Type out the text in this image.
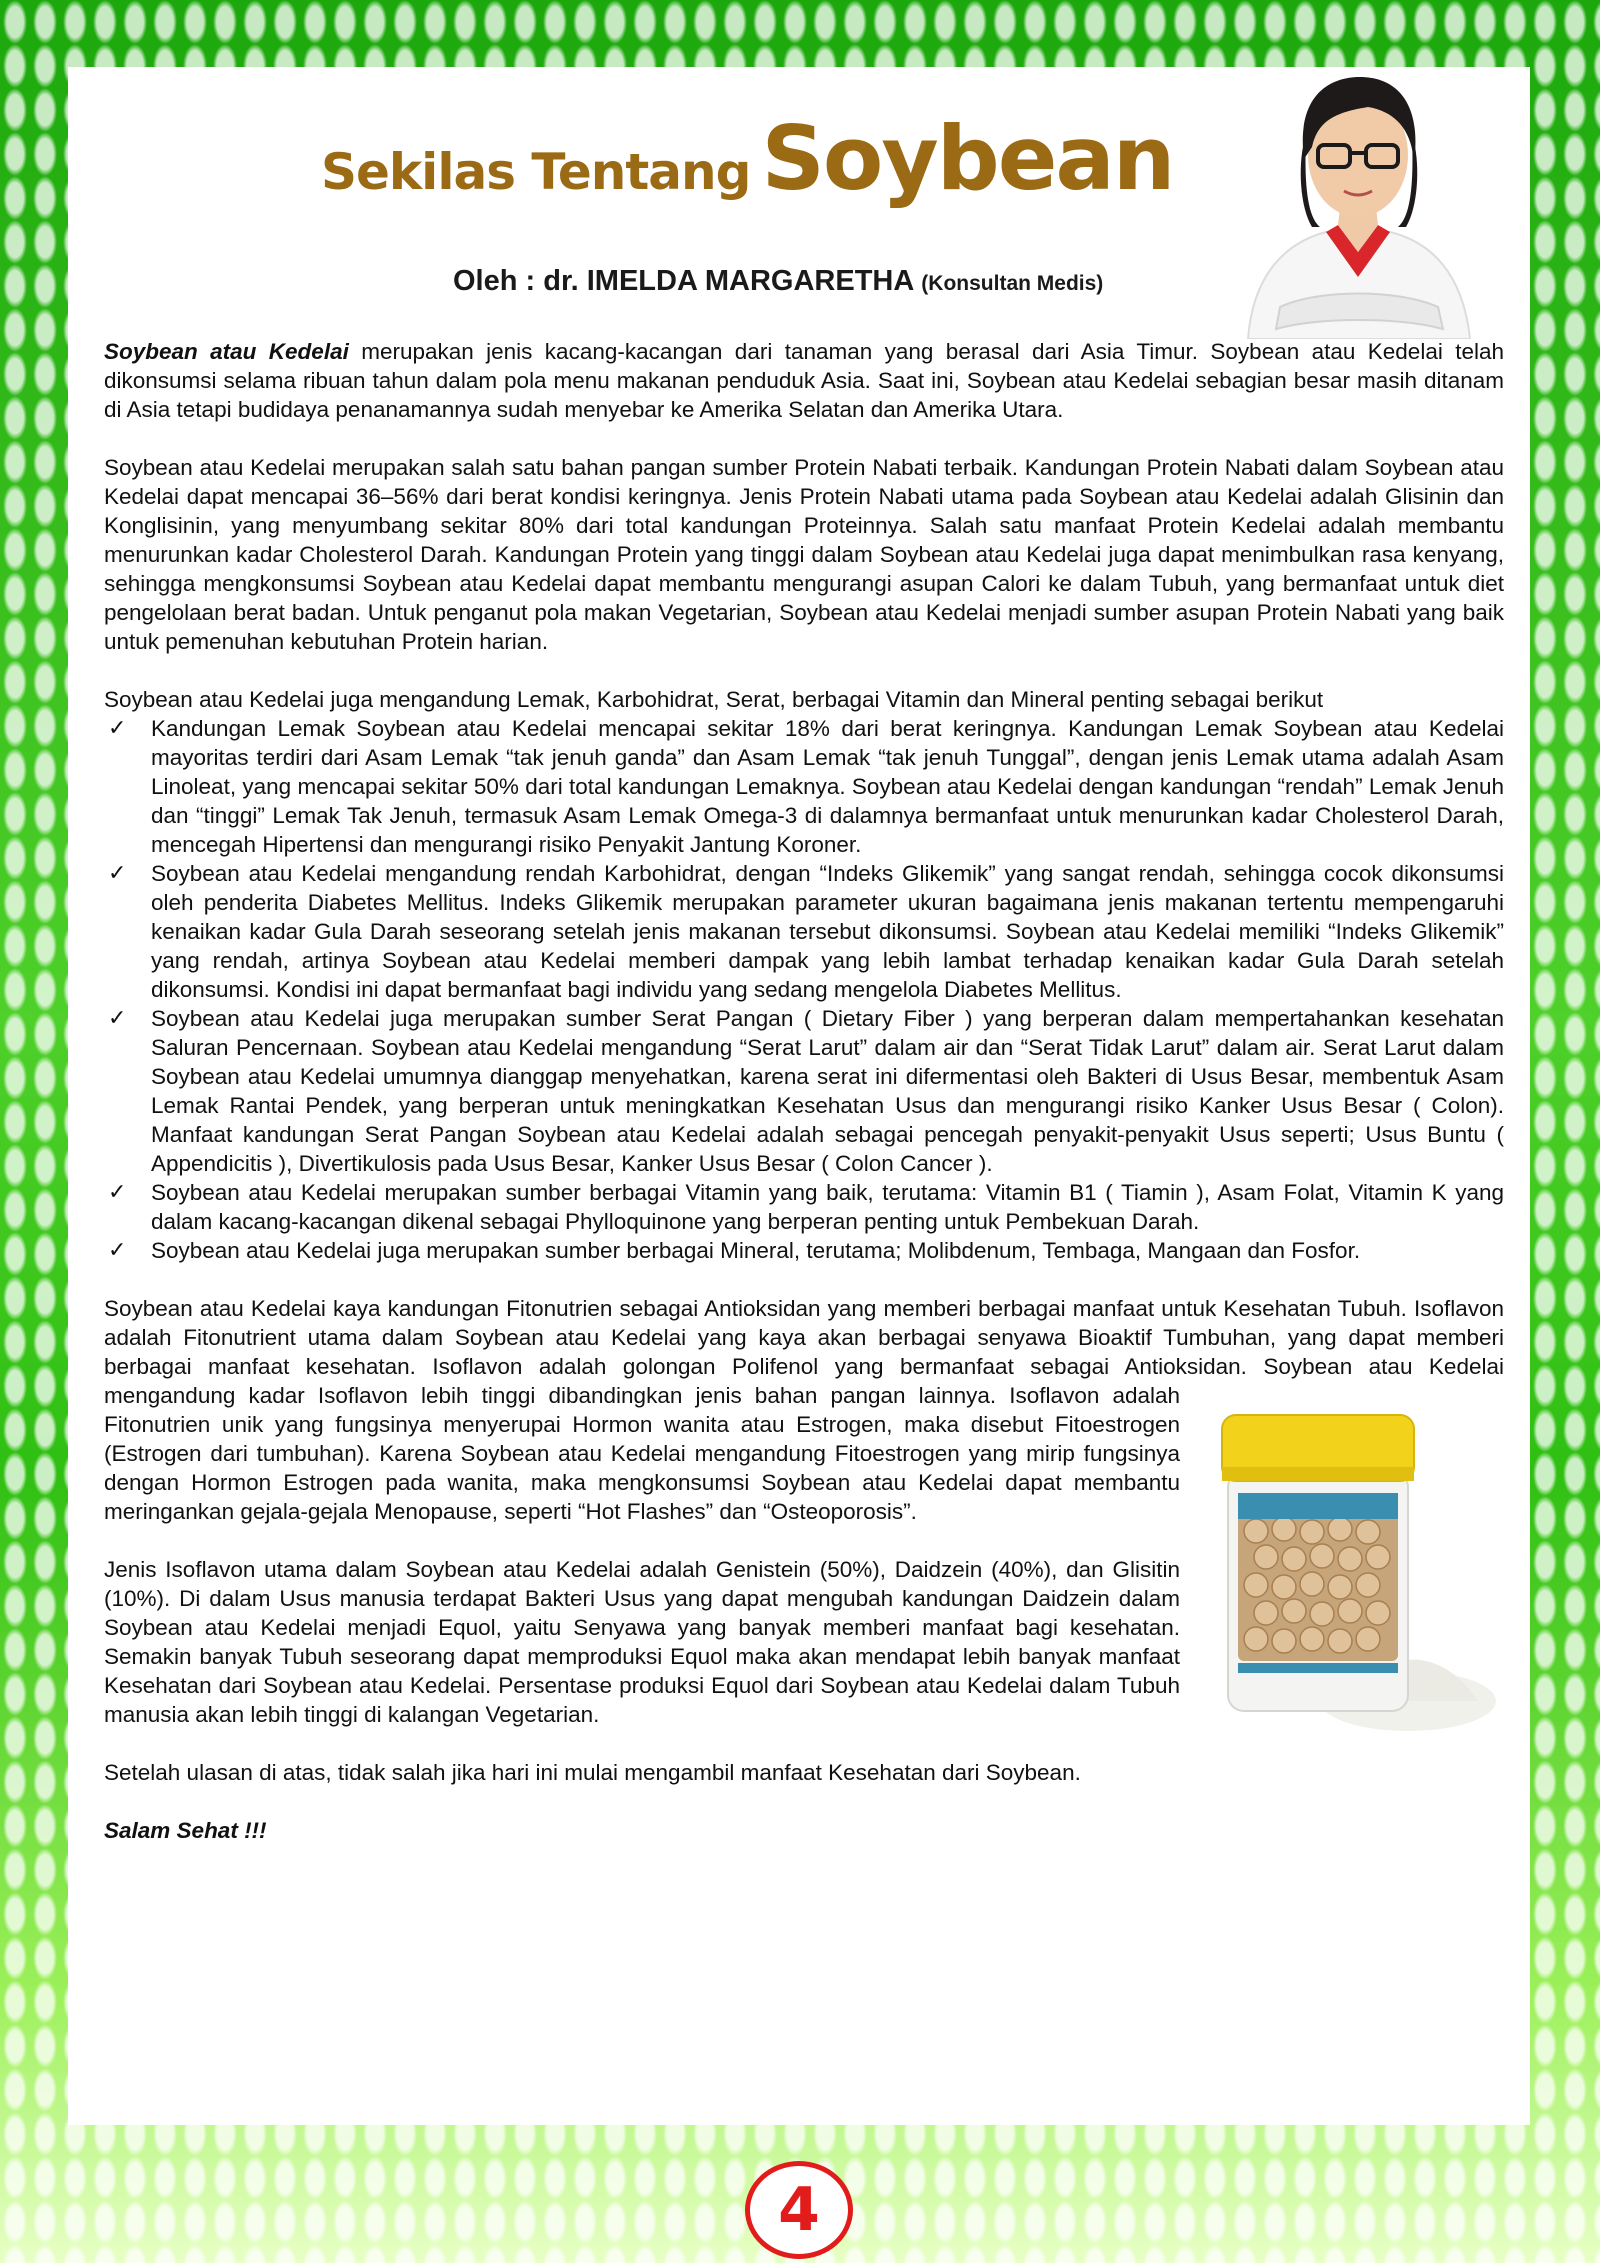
Sekilas Tentang Soybean

Oleh : dr. IMELDA MARGARETHA (Konsultan Medis)

Soybean atau Kedelai merupakan jenis kacang-kacangan dari tanaman yang berasal dari Asia Timur. Soybean atau Kedelai telah dikonsumsi selama ribuan tahun dalam pola menu makanan penduduk Asia. Saat ini, Soybean atau Kedelai sebagian besar masih ditanam di Asia tetapi budidaya penanamannya sudah menyebar ke Amerika Selatan dan Amerika Utara.

Soybean atau Kedelai merupakan salah satu bahan pangan sumber Protein Nabati terbaik. Kandungan Protein Nabati dalam Soybean atau Kedelai dapat mencapai 36–56% dari berat kondisi keringnya. Jenis Protein Nabati utama pada Soybean atau Kedelai adalah Glisinin dan Konglisinin, yang menyumbang sekitar 80% dari total kandungan Proteinnya. Salah satu manfaat Protein Kedelai adalah membantu menurunkan kadar Cholesterol Darah. Kandungan Protein yang tinggi dalam Soybean atau Kedelai juga dapat menimbulkan rasa kenyang, sehingga mengkonsumsi Soybean atau Kedelai dapat membantu mengurangi asupan Calori ke dalam Tubuh, yang bermanfaat untuk diet pengelolaan berat badan. Untuk penganut pola makan Vegetarian, Soybean atau Kedelai menjadi sumber asupan Protein Nabati yang baik untuk pemenuhan kebutuhan Protein harian.

Soybean atau Kedelai juga mengandung Lemak, Karbohidrat, Serat, berbagai Vitamin dan Mineral penting sebagai berikut

✓	Kandungan Lemak Soybean atau Kedelai mencapai sekitar 18% dari berat keringnya. Kandungan Lemak Soybean atau Kedelai mayoritas terdiri dari Asam Lemak “tak jenuh ganda” dan Asam Lemak “tak jenuh Tunggal”, dengan jenis Lemak utama adalah Asam Linoleat, yang mencapai sekitar 50% dari total kandungan Lemaknya. Soybean atau Kedelai dengan kandungan “rendah” Lemak Jenuh dan “tinggi” Lemak Tak Jenuh, termasuk Asam Lemak Omega-3 di dalamnya bermanfaat untuk menurunkan kadar Cholesterol Darah, mencegah Hipertensi dan mengurangi risiko Penyakit Jantung Koroner.
✓	Soybean atau Kedelai mengandung rendah Karbohidrat, dengan “Indeks Glikemik” yang sangat rendah, sehingga cocok dikonsumsi oleh penderita Diabetes Mellitus. Indeks Glikemik merupakan parameter ukuran bagaimana jenis makanan tertentu mempengaruhi kenaikan kadar Gula Darah seseorang setelah jenis makanan tersebut dikonsumsi. Soybean atau Kedelai memiliki “Indeks Glikemik” yang rendah, artinya Soybean atau Kedelai memberi dampak yang lebih lambat terhadap kenaikan kadar Gula Darah setelah dikonsumsi. Kondisi ini dapat bermanfaat bagi individu yang sedang mengelola Diabetes Mellitus.
✓	Soybean atau Kedelai juga merupakan sumber Serat Pangan ( Dietary Fiber ) yang berperan dalam mempertahankan kesehatan Saluran Pencernaan. Soybean atau Kedelai mengandung “Serat Larut” dalam air dan “Serat Tidak Larut” dalam air. Serat Larut dalam Soybean atau Kedelai umumnya dianggap menyehatkan, karena serat ini difermentasi oleh Bakteri di Usus Besar, membentuk Asam Lemak Rantai Pendek, yang berperan untuk meningkatkan Kesehatan Usus dan mengurangi risiko Kanker Usus Besar ( Colon). Manfaat kandungan Serat Pangan Soybean atau Kedelai adalah sebagai pencegah penyakit-penyakit Usus seperti; Usus Buntu ( Appendicitis ), Divertikulosis pada Usus Besar, Kanker Usus Besar ( Colon Cancer ).
✓	Soybean atau Kedelai merupakan sumber berbagai Vitamin yang baik, terutama: Vitamin B1 ( Tiamin ), Asam Folat, Vitamin K yang dalam kacang-kacangan dikenal sebagai Phylloquinone yang berperan penting untuk Pembekuan Darah.
✓	Soybean atau Kedelai juga merupakan sumber berbagai Mineral, terutama; Molibdenum, Tembaga, Mangaan dan Fosfor.

Soybean atau Kedelai kaya kandungan Fitonutrien sebagai Antioksidan yang memberi berbagai manfaat untuk Kesehatan Tubuh. Isoflavon adalah Fitonutrient utama dalam Soybean atau Kedelai yang kaya akan berbagai senyawa Bioaktif Tumbuhan, yang dapat memberi berbagai manfaat kesehatan. Isoflavon adalah golongan Polifenol yang bermanfaat sebagai Antioksidan. Soybean atau Kedelai mengandung kadar Isoflavon lebih tinggi dibandingkan jenis bahan pangan lainnya.
Isoflavon adalah Fitonutrien unik yang fungsinya menyerupai Hormon wanita atau Estrogen, maka disebut Fitoestrogen (Estrogen dari tumbuhan). Karena Soybean atau Kedelai mengandung Fitoestrogen yang mirip fungsinya dengan Hormon Estrogen pada wanita, maka mengkonsumsi Soybean atau Kedelai dapat membantu meringankan gejala-gejala Menopause, seperti “Hot Flashes” dan “Osteoporosis”.

Jenis Isoflavon utama dalam Soybean atau Kedelai adalah Genistein (50%), Daidzein (40%), dan Glisitin (10%). Di dalam Usus manusia terdapat Bakteri Usus yang dapat mengubah kandungan Daidzein dalam Soybean atau Kedelai menjadi Equol, yaitu Senyawa yang banyak memberi manfaat bagi kesehatan. Semakin banyak Tubuh seseorang dapat memproduksi Equol maka akan mendapat lebih banyak manfaat Kesehatan dari Soybean atau Kedelai. Persentase produksi Equol dari Soybean atau Kedelai dalam Tubuh manusia akan lebih tinggi di kalangan Vegetarian.

Setelah ulasan di atas, tidak salah jika hari ini mulai mengambil manfaat Kesehatan dari Soybean.

Salam Sehat !!!

4
